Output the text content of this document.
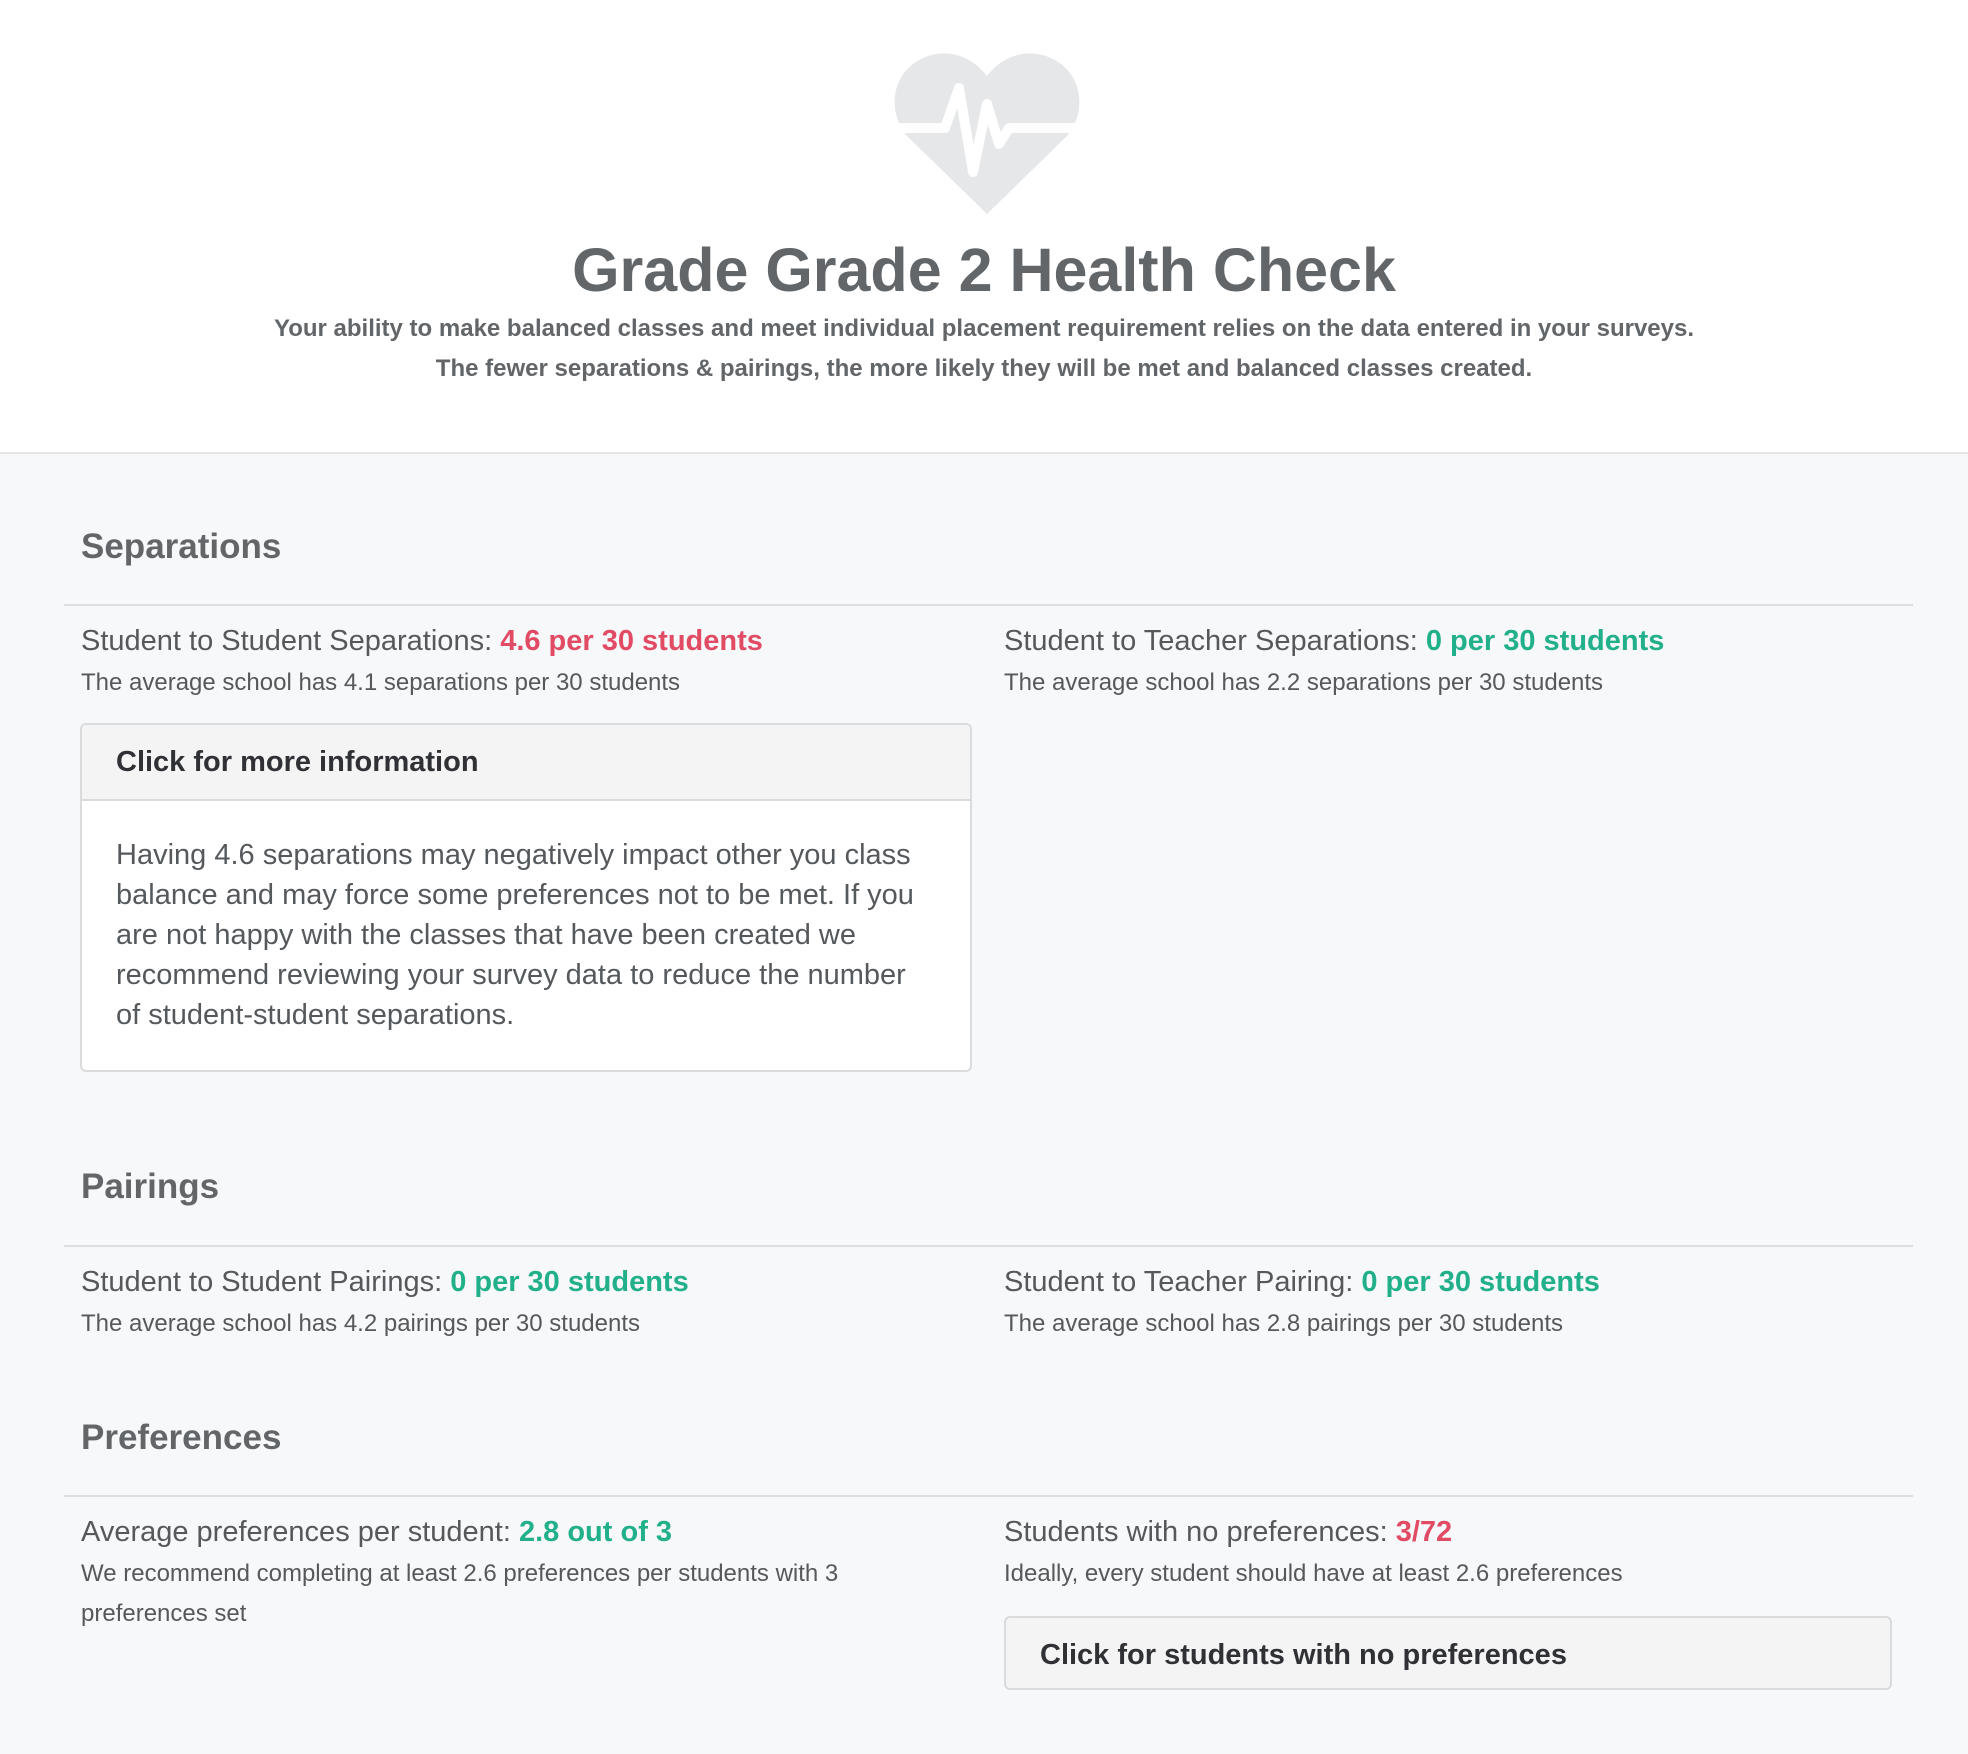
Grade Grade 2 Health Check
Your ability to make balanced classes and meet individual placement requirement relies on the data entered in your surveys.
The fewer separations & pairings, the more likely they will be met and balanced classes created.
Separations
Student to Student Separations: 4.6 per 30 students
The average school has 4.1 separations per 30 students
Student to Teacher Separations: 0 per 30 students
The average school has 2.2 separations per 30 students
Click for more information
Having 4.6 separations may negatively impact other you class balance and may force some preferences not to be met. If you are not happy with the classes that have been created we recommend reviewing your survey data to reduce the number of student-student separations.
Pairings
Student to Student Pairings: 0 per 30 students
The average school has 4.2 pairings per 30 students
Student to Teacher Pairing: 0 per 30 students
The average school has 2.8 pairings per 30 students
Preferences
Average preferences per student: 2.8 out of 3
We recommend completing at least 2.6 preferences per students with 3 preferences set
Students with no preferences: 3/72
Ideally, every student should have at least 2.6 preferences
Click for students with no preferences
